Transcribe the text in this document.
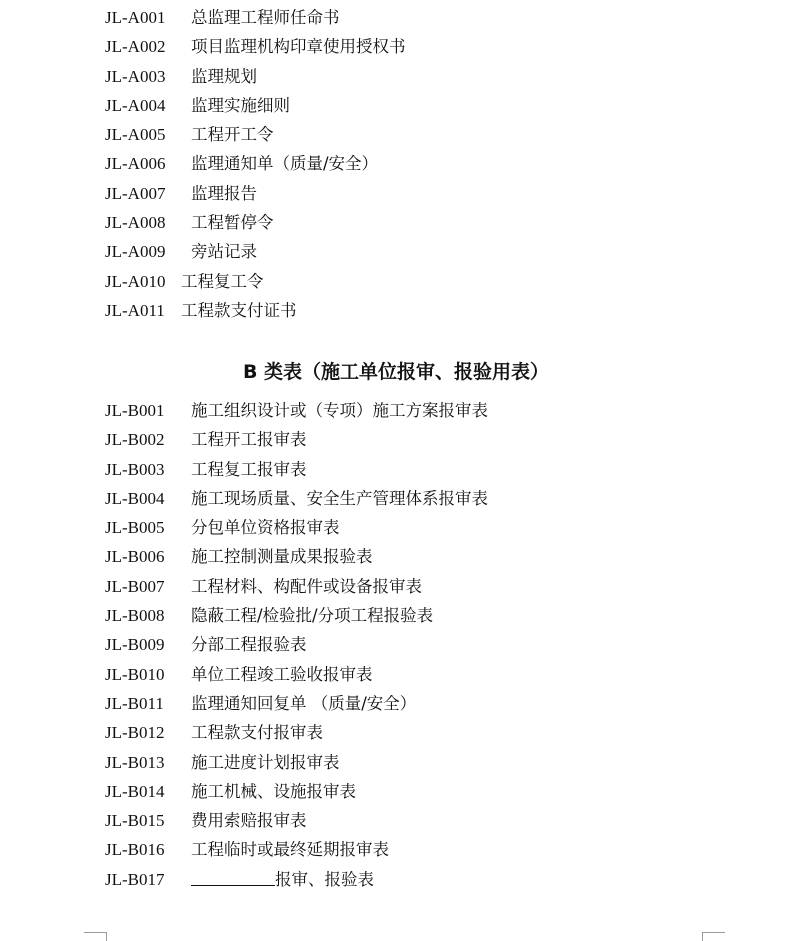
JL-A001	总监理工程师任命书
JL-A002	项目监理机构印章使用授权书
JL-A003	监理规划
JL-A004	监理实施细则
JL-A005	工程开工令
JL-A006	监理通知单（质量/安全）
JL-A007	监理报告
JL-A008	工程暂停令
JL-A009	旁站记录
JL-A010 工程复工令
JL-A011 工程款支付证书
B 类表（施工单位报审、报验用表）
JL-B001	施工组织设计或（专项）施工方案报审表
JL-B002	工程开工报审表
JL-B003	工程复工报审表
JL-B004	施工现场质量、安全生产管理体系报审表
JL-B005	分包单位资格报审表
JL-B006	施工控制测量成果报验表
JL-B007	工程材料、构配件或设备报审表
JL-B008	隐蔽工程/检验批/分项工程报验表
JL-B009	分部工程报验表
JL-B010	单位工程竣工验收报审表
JL-B011	监理通知回复单 （质量/安全）
JL-B012	工程款支付报审表
JL-B013	施工进度计划报审表
JL-B014	施工机械、设施报审表
JL-B015	费用索赔报审表
JL-B016	工程临时或最终延期报审表
JL-B017	报审、报验表
